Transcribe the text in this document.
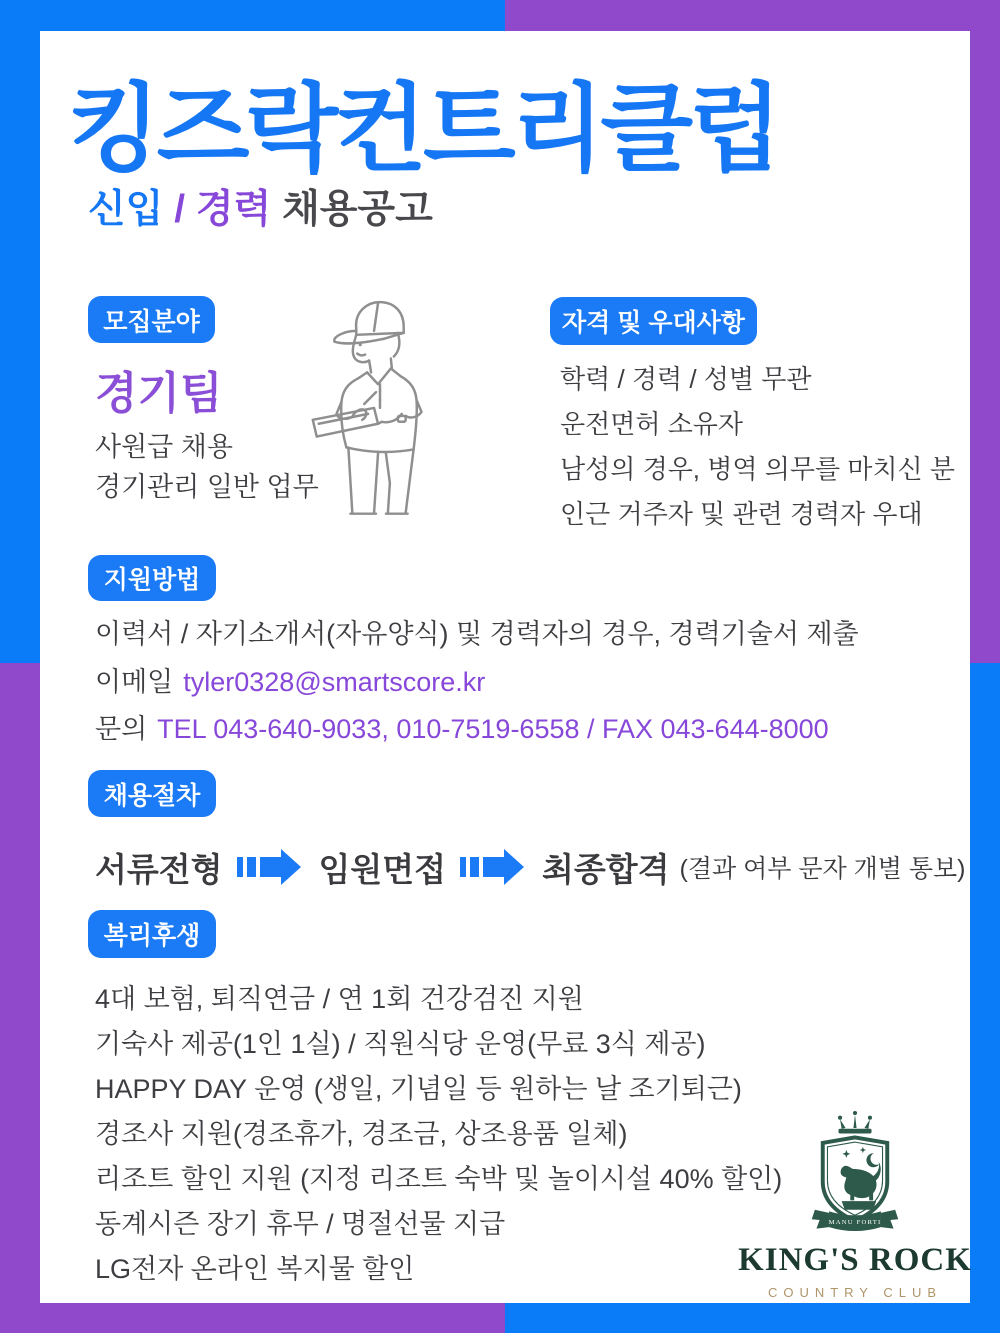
킹즈락컨트리클럽
신입 / 경력 채용공고
모집분야
경기팀
사원급 채용
경기관리 일반 업무
자격 및 우대사항
학력 / 경력 / 성별 무관
운전면허 소유자
남성의 경우, 병역 의무를 마치신 분
인근 거주자 및 관련 경력자 우대
지원방법
이력서 / 자기소개서(자유양식) 및 경력자의 경우, 경력기술서 제출
이메일 tyler0328@smartscore.kr
문의 TEL 043-640-9033, 010-7519-6558 / FAX 043-644-8000
채용절차
서류전형	임원면접	최종합격 (결과 여부 문자 개별 통보)
복리후생
4대 보험, 퇴직연금 / 연 1회 건강검진 지원
기숙사 제공(1인 1실) / 직원식당 운영(무료 3식 제공)
HAPPY DAY 운영 (생일, 기념일 등 원하는 날 조기퇴근)
경조사 지원(경조휴가, 경조금, 상조용품 일체)
리조트 할인 지원 (지정 리조트 숙박 및 놀이시설 40% 할인)
동계시즌 장기 휴무 / 명절선물 지급
LG전자 온라인 복지물 할인
MANU FORTI
KING'S ROCK
COUNTRY CLUB
